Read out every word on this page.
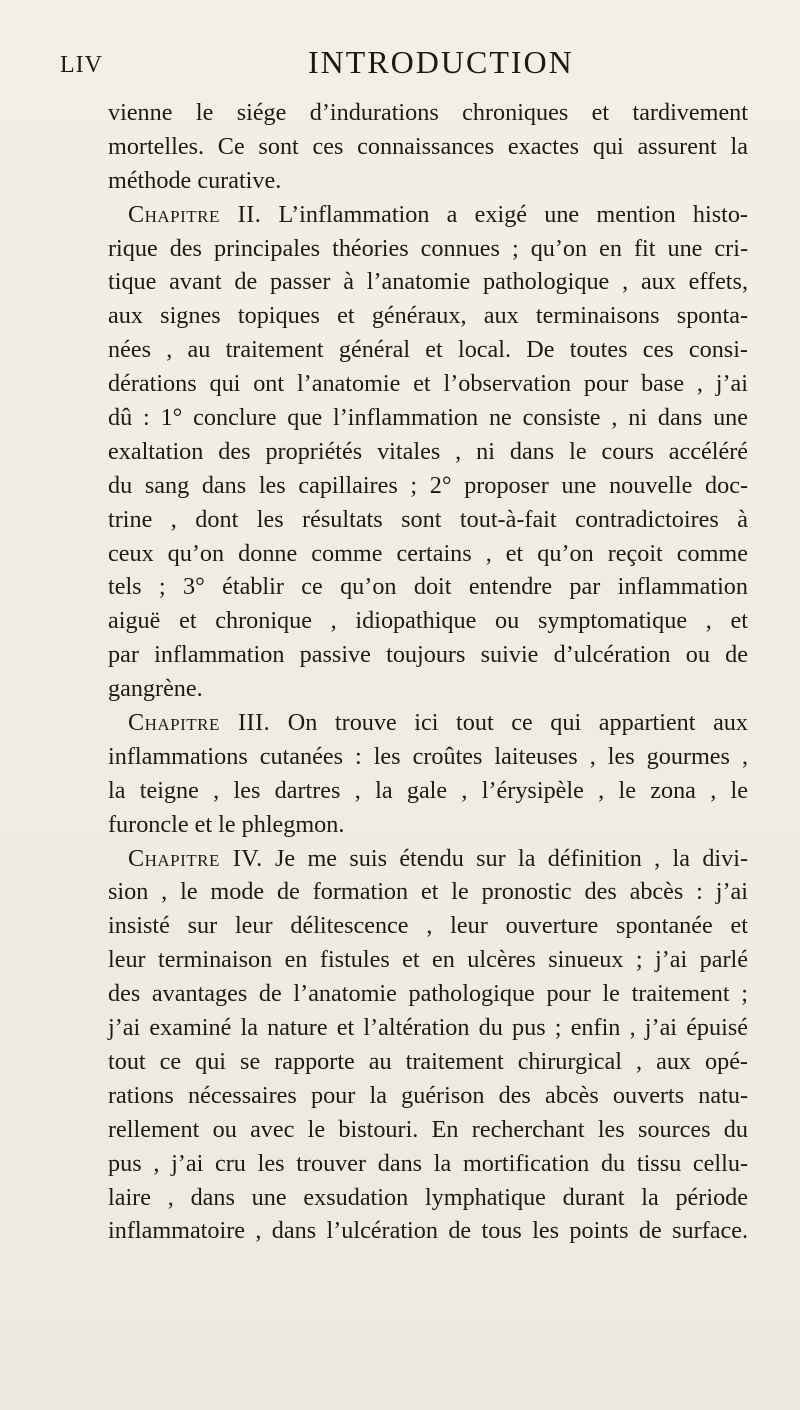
LIV	INTRODUCTION
vienne le siége d’indurations chroniques et tardivement
mortelles. Ce sont ces connaissances exactes qui assurent la
méthode curative.
Chapitre II. L’inflammation a exigé une mention histo-
rique des principales théories connues ; qu’on en fit une cri-
tique avant de passer à l’anatomie pathologique , aux effets,
aux signes topiques et généraux, aux terminaisons sponta-
nées , au traitement général et local. De toutes ces consi-
dérations qui ont l’anatomie et l’observation pour base , j’ai
dû : 1° conclure que l’inflammation ne consiste , ni dans une
exaltation des propriétés vitales , ni dans le cours accéléré
du sang dans les capillaires ; 2° proposer une nouvelle doc-
trine , dont les résultats sont tout-à-fait contradictoires à
ceux qu’on donne comme certains , et qu’on reçoit comme
tels ; 3° établir ce qu’on doit entendre par inflammation
aiguë et chronique , idiopathique ou symptomatique , et
par inflammation passive toujours suivie d’ulcération ou de
gangrène.
Chapitre III. On trouve ici tout ce qui appartient aux
inflammations cutanées : les croûtes laiteuses , les gourmes ,
la teigne , les dartres , la gale , l’érysipèle , le zona , le
furoncle et le phlegmon.
Chapitre IV. Je me suis étendu sur la définition , la divi-
sion , le mode de formation et le pronostic des abcès : j’ai
insisté sur leur délitescence , leur ouverture spontanée et
leur terminaison en fistules et en ulcères sinueux ; j’ai parlé
des avantages de l’anatomie pathologique pour le traitement ;
j’ai examiné la nature et l’altération du pus ; enfin , j’ai épuisé
tout ce qui se rapporte au traitement chirurgical , aux opé-
rations nécessaires pour la guérison des abcès ouverts natu-
rellement ou avec le bistouri. En recherchant les sources du
pus , j’ai cru les trouver dans la mortification du tissu cellu-
laire , dans une exsudation lymphatique durant la période
inflammatoire , dans l’ulcération de tous les points de surface.
